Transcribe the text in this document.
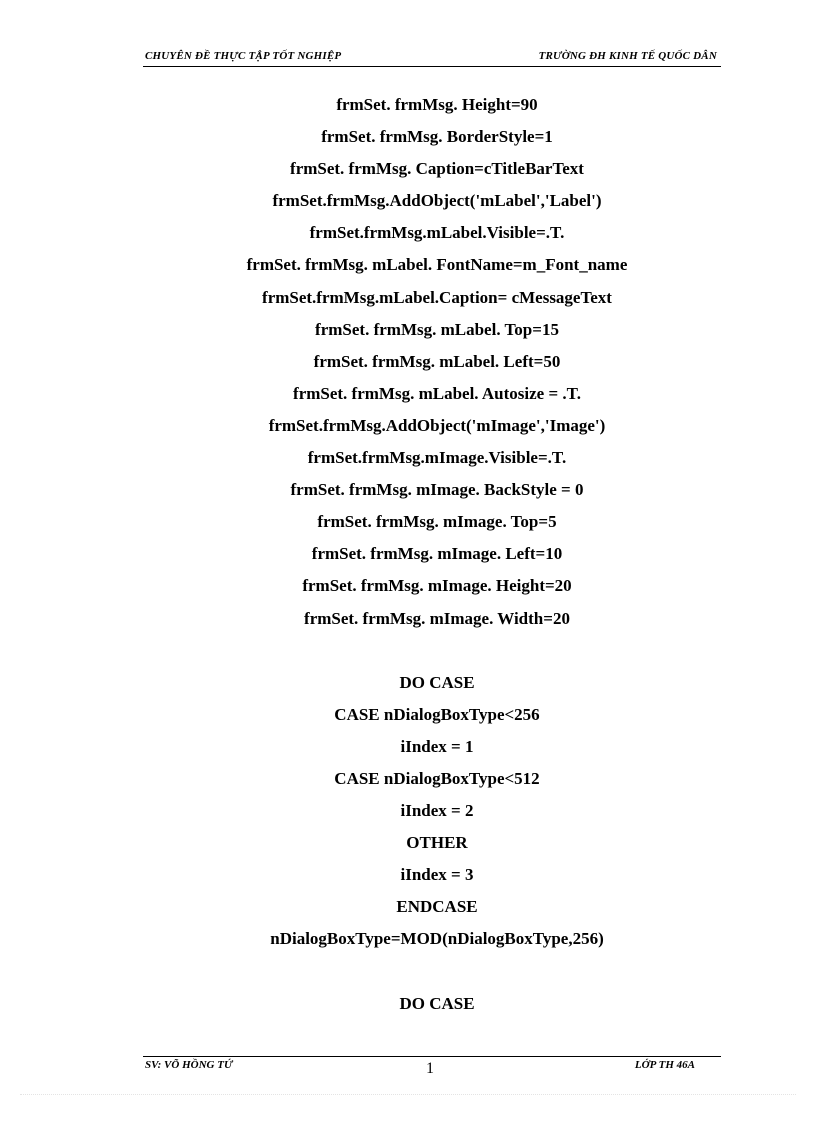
CHUYÊN ĐỀ THỰC TẬP TỐT NGHIỆP	TRƯỜNG ĐH KINH TẾ QUỐC DÂN
frmSet. frmMsg. Height=90
frmSet. frmMsg. BorderStyle=1
frmSet. frmMsg. Caption=cTitleBarText
frmSet.frmMsg.AddObject('mLabel','Label')
frmSet.frmMsg.mLabel.Visible=.T.
frmSet. frmMsg. mLabel. FontName=m_Font_name
frmSet.frmMsg.mLabel.Caption= cMessageText
frmSet. frmMsg. mLabel. Top=15
frmSet. frmMsg. mLabel. Left=50
frmSet. frmMsg. mLabel. Autosize = .T.
frmSet.frmMsg.AddObject('mImage','Image')
frmSet.frmMsg.mImage.Visible=.T.
frmSet. frmMsg. mImage. BackStyle = 0
frmSet. frmMsg. mImage. Top=5
frmSet. frmMsg. mImage. Left=10
frmSet. frmMsg. mImage. Height=20
frmSet. frmMsg. mImage. Width=20
DO CASE
CASE nDialogBoxType<256
iIndex = 1
CASE nDialogBoxType<512
iIndex = 2
OTHER
iIndex = 3
ENDCASE
nDialogBoxType=MOD(nDialogBoxType,256)
DO CASE
SV: VÕ HỒNG TỨ	1	LỚP TH 46A
